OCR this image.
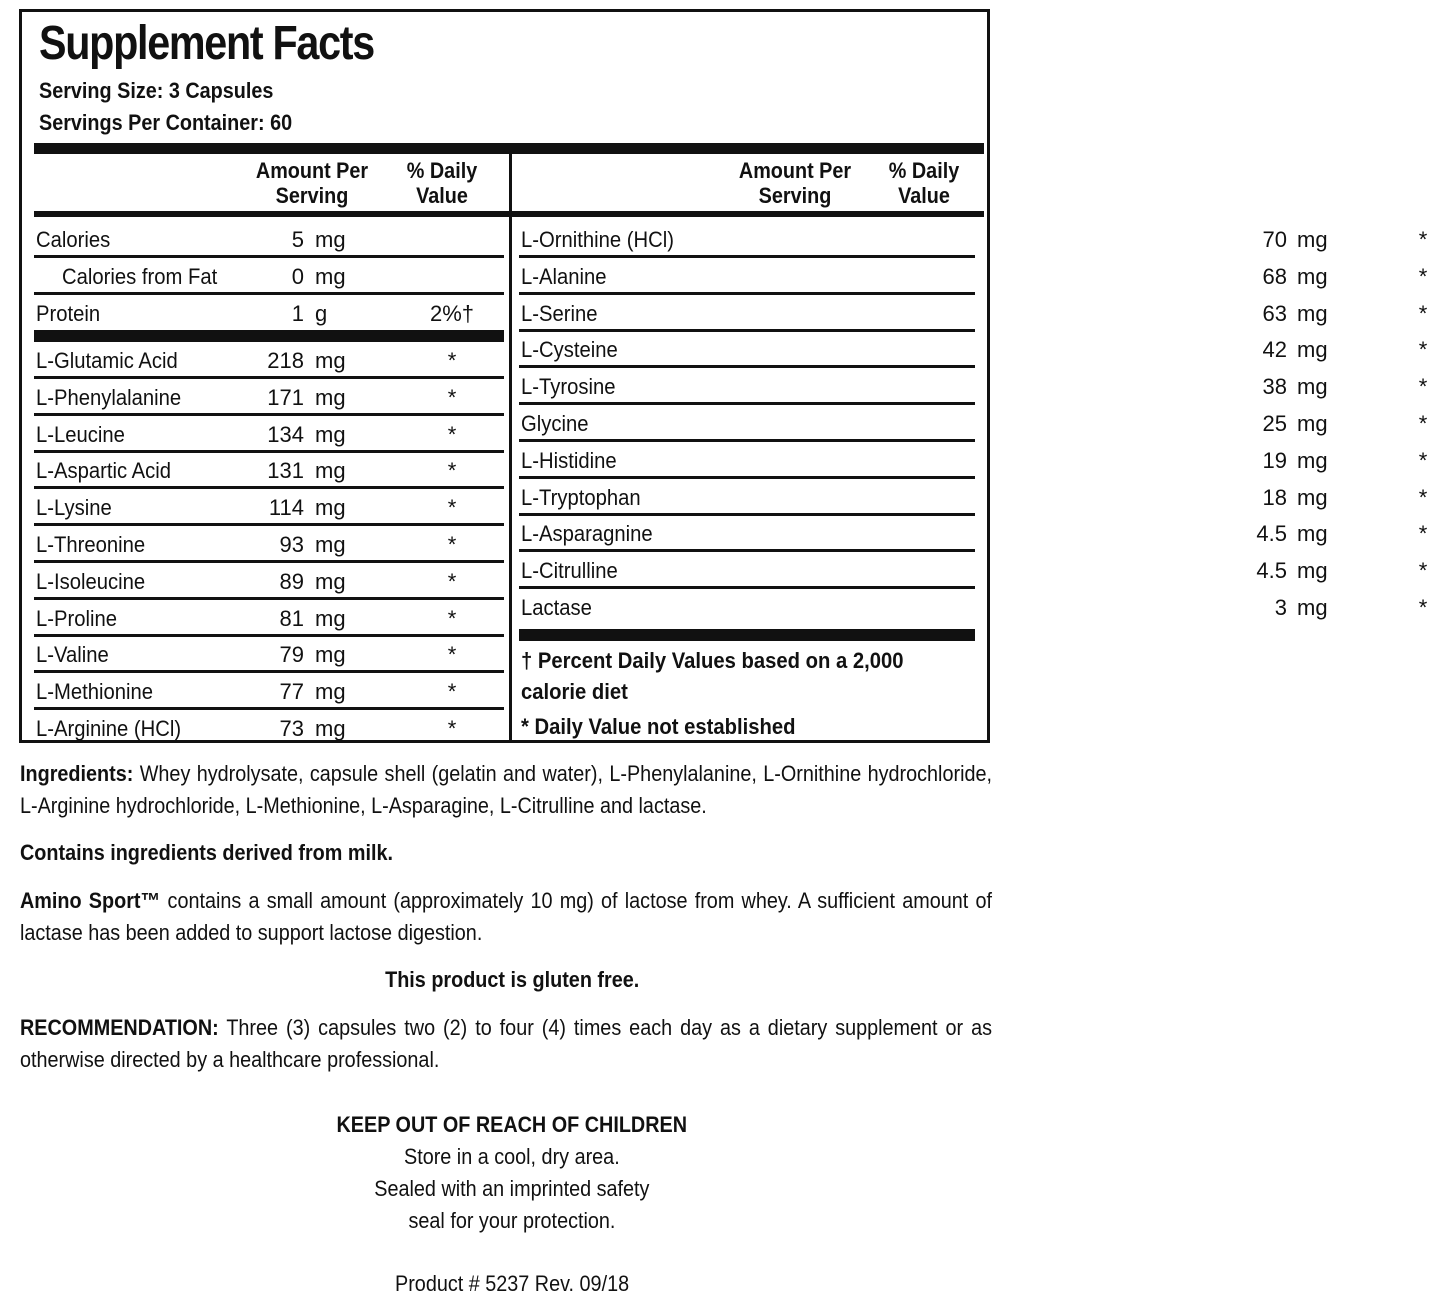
Supplement Facts
Serving Size: 3 Capsules
Servings Per Container: 60
Amount Per
Serving
% Daily
Value
Amount Per
Serving
% Daily
Value
Calories	5 mg
Calories from Fat	0 mg
Protein	1 g	2%†
L-Glutamic Acid	218 mg	*
L-Phenylalanine	171 mg	*
L-Leucine	134 mg	*
L-Aspartic Acid	131 mg	*
L-Lysine	114 mg	*
L-Threonine	93 mg	*
L-Isoleucine	89 mg	*
L-Proline	81 mg	*
L-Valine	79 mg	*
L-Methionine	77 mg	*
L-Arginine (HCl)	73 mg	*
L-Ornithine (HCl)	70 mg	*
L-Alanine	68 mg	*
L-Serine	63 mg	*
L-Cysteine	42 mg	*
L-Tyrosine	38 mg	*
Glycine	25 mg	*
L-Histidine	19 mg	*
L-Tryptophan	18 mg	*
L-Asparagnine	4.5 mg	*
L-Citrulline	4.5 mg	*
Lactase	3 mg	*
† Percent Daily Values based on a 2,000
calorie diet
* Daily Value not established
Ingredients: Whey hydrolysate, capsule shell (gelatin and water), L-Phenylalanine, L-Ornithine hydrochloride, L-Arginine hydrochloride, L-Methionine, L-Asparagine, L-Citrulline and lactase.
Contains ingredients derived from milk.
Amino Sport™ contains a small amount (approximately 10 mg) of lactose from whey. A sufficient amount of lactase has been added to support lactose digestion.
This product is gluten free.
RECOMMENDATION: Three (3) capsules two (2) to four (4) times each day as a dietary supplement or as otherwise directed by a healthcare professional.
KEEP OUT OF REACH OF CHILDREN
Store in a cool, dry area.
Sealed with an imprinted safety
seal for your protection.
Product # 5237 Rev. 09/18
